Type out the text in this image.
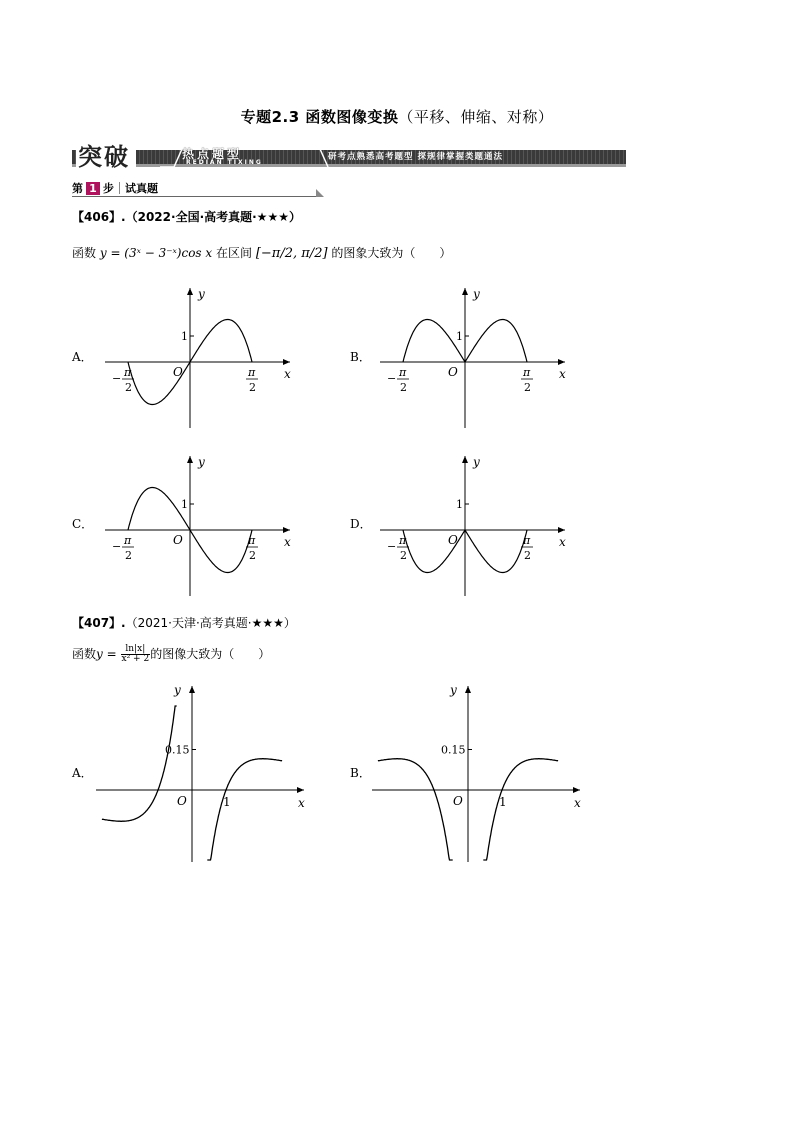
专题2.3 函数图像变换（平移、伸缩、对称）
突破	热点题型
REDIAN TIXING
研考点熟悉高考题型 探规律掌握类题通法
第 1 步 试真题
【406】.（2022·全国·高考真题·★★★）
函数 y = (3ˣ − 3⁻ˣ)cos x 在区间 [−π/2, π/2] 的图象大致为（　　）
A．	B．
C．	D．
y
x
O
1
π
2
− π
2
y
x
O
1
π
2
− π
2
y
x
O
1
π
2
− π
2
y
x
O
1
π
2
− π
2
【407】.（2021·天津·高考真题·★★★）
函数$y = \frac{\ln|x|}{\text{x² + 2}}$ 的图像大致为（　　）
A．	B．
y
x
O
0.15
1
y
x
O
0.15
1
